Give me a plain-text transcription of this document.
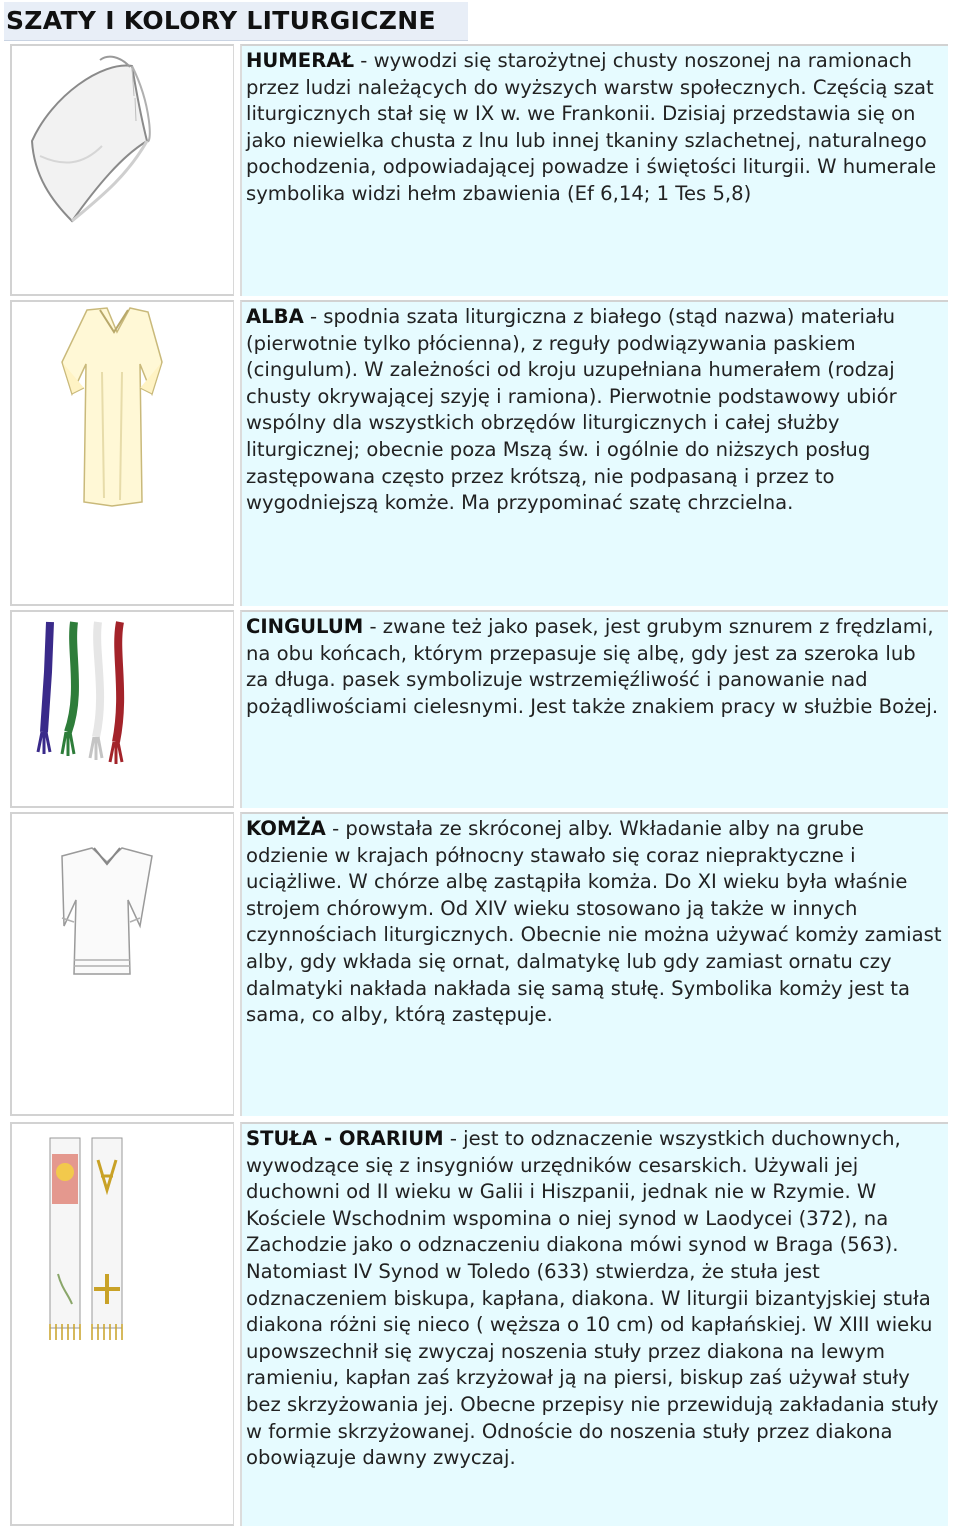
SZATY I KOLORY LITURGICZNE
HUMERAŁ - wywodzi się starożytnej chusty noszonej na ramionach przez ludzi należących do wyższych warstw społecznych. Częścią szat liturgicznych stał się w IX w. we Frankonii. Dzisiaj przedstawia się on jako niewielka chusta z lnu lub innej tkaniny szlachetnej, naturalnego pochodzenia, odpowiadającej powadze i świętości liturgii. W humerale symbolika widzi hełm zbawienia (Ef 6,14; 1 Tes 5,8)
ALBA - spodnia szata liturgiczna z białego (stąd nazwa) materiału (pierwotnie tylko płócienna), z reguły podwiązywania paskiem (cingulum). W zależności od kroju uzupełniana humerałem (rodzaj chusty okrywającej szyję i ramiona). Pierwotnie podstawowy ubiór wspólny dla wszystkich obrzędów liturgicznych i całej służby liturgicznej; obecnie poza Mszą św. i ogólnie do niższych posług zastępowana często przez krótszą, nie podpasaną i przez to wygodniejszą komże. Ma przypominać szatę chrzcielna.
CINGULUM - zwane też jako pasek, jest grubym sznurem z frędzlami, na obu końcach, którym przepasuje się albę, gdy jest za szeroka lub za długa. pasek symbolizuje wstrzemięźliwość i panowanie nad pożądliwościami cielesnymi. Jest także znakiem pracy w służbie Bożej.
KOMŻA - powstała ze skróconej alby. Wkładanie alby na grube odzienie w krajach północny stawało się coraz niepraktyczne i uciążliwe. W chórze albę zastąpiła komża. Do XI wieku była właśnie strojem chórowym. Od XIV wieku stosowano ją także w innych czynnościach liturgicznych. Obecnie nie można używać komży zamiast alby, gdy wkłada się ornat, dalmatykę lub gdy zamiast ornatu czy dalmatyki nakłada nakłada się samą stułę. Symbolika komży jest ta sama, co alby, którą zastępuje.
STUŁA - ORARIUM - jest to odznaczenie wszystkich duchownych, wywodzące się z insygniów urzędników cesarskich. Używali jej duchowni od II wieku w Galii i Hiszpanii, jednak nie w Rzymie. W Kościele Wschodnim wspomina o niej synod w Laodycei (372), na Zachodzie jako o odznaczeniu diakona mówi synod w Braga (563). Natomiast IV Synod w Toledo (633) stwierdza, że stuła jest odznaczeniem biskupa, kapłana, diakona. W liturgii bizantyjskiej stuła diakona różni się nieco ( węższa o 10 cm) od kapłańskiej. W XIII wieku upowszechnił się zwyczaj noszenia stuły przez diakona na lewym ramieniu, kapłan zaś krzyżował ją na piersi, biskup zaś używał stuły bez skrzyżowania jej. Obecne przepisy nie przewidują zakładania stuły w formie skrzyżowanej. Odnoście do noszenia stuły przez diakona obowiązuje dawny zwyczaj.
